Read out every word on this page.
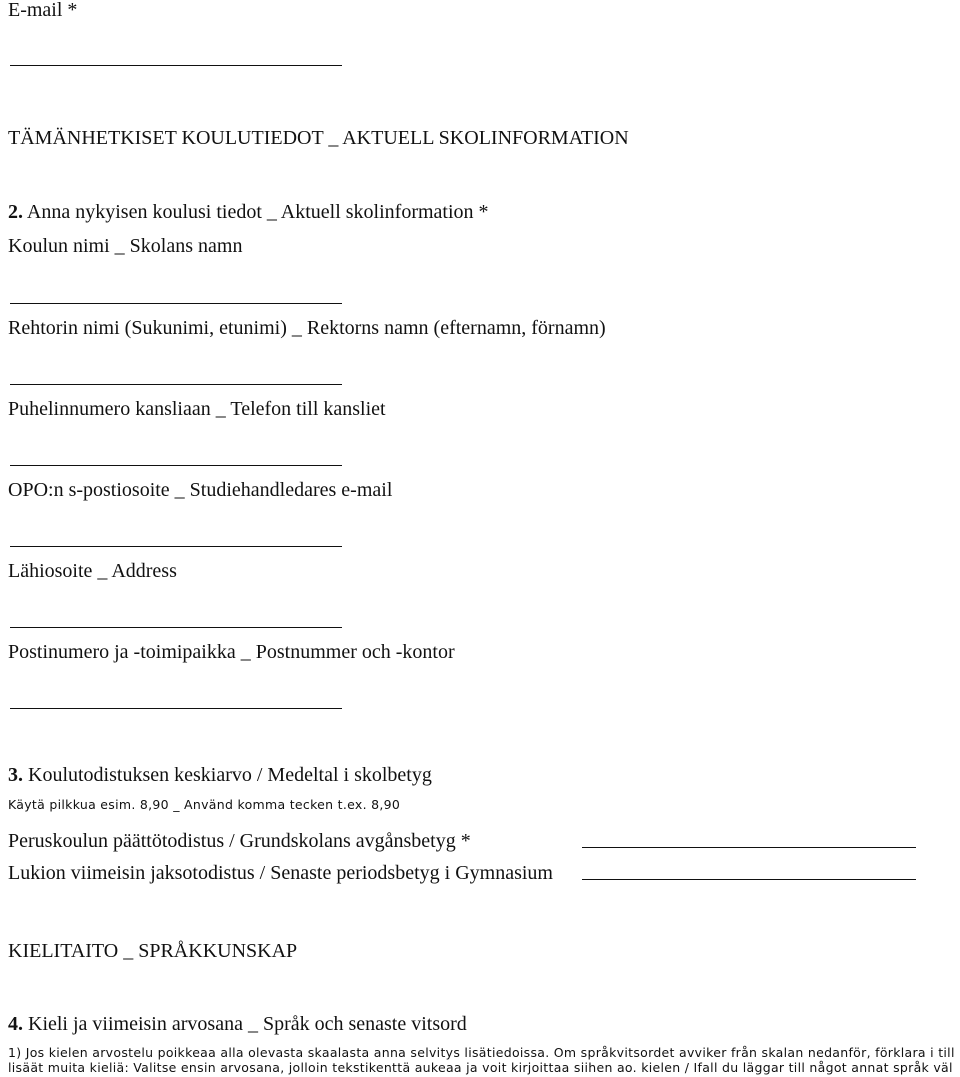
E-mail *
TÄMÄNHETKISET KOULUTIEDOT _ AKTUELL SKOLINFORMATION
2. Anna nykyisen koulusi tiedot _ Aktuell skolinformation *
Koulun nimi _ Skolans namn
Rehtorin nimi (Sukunimi, etunimi) _ Rektorns namn (efternamn, förnamn)
Puhelinnumero kansliaan _ Telefon till kansliet
OPO:n s-postiosoite _ Studiehandledares e-mail
Lähiosoite _ Address
Postinumero ja -toimipaikka _ Postnummer och -kontor
3. Koulutodistuksen keskiarvo / Medeltal i skolbetyg
Käytä pilkkua esim. 8,90 _ Använd komma tecken t.ex. 8,90
Peruskoulun päättötodistus / Grundskolans avgånsbetyg *
Lukion viimeisin jaksotodistus / Senaste periodsbetyg i Gymnasium
KIELITAITO _ SPRÅKKUNSKAP
4. Kieli ja viimeisin arvosana _ Språk och senaste vitsord
1) Jos kielen arvostelu poikkeaa alla olevasta skaalasta anna selvitys lisätiedoissa. Om språkvitsordet avviker från skalan nedanför, förklara i till
lisäät muita kieliä: Valitse ensin arvosana, jolloin tekstikenttä aukeaa ja voit kirjoittaa siihen ao. kielen / Ifall du läggar till något annat språk väl
